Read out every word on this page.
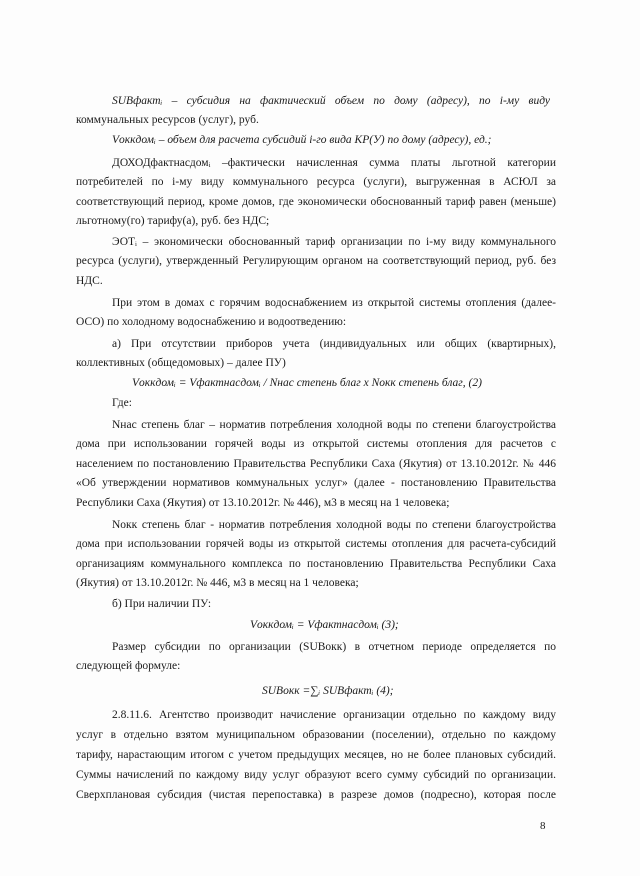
SUBфактᵢ – субсидия на фактический объем по дому (адресу), по i-му виду
коммунальных ресурсов (услуг), руб.
Vоккдомᵢ – объем для расчета субсидий i-го вида КР(У) по дому (адресу), ед.;
ДОХОДфактнасдомᵢ –фактически начисленная сумма платы льготной категории
потребителей по i-му виду коммунального ресурса (услуги), выгруженная в АСЮЛ за
соответствующий период, кроме домов, где экономически обоснованный тариф равен (меньше)
льготному(го) тарифу(а), руб. без НДС;
ЭОТᵢ – экономически обоснованный тариф организации по i-му виду коммунального
ресурса (услуги), утвержденный Регулирующим органом на соответствующий период, руб. без
НДС.
При этом в домах с горячим водоснабжением из открытой системы отопления (далее-
ОСО) по холодному водоснабжению и водоотведению:
а) При отсутствии приборов учета (индивидуальных или общих (квартирных),
коллективных (общедомовых) – далее ПУ)
Vоккдомᵢ = Vфактнасдомᵢ / Nнас степень благ x Nокк степень благ, (2)
Где:
Nнас степень благ – норматив потребления холодной воды по степени благоустройства
дома при использовании горячей воды из открытой системы отопления для расчетов с
населением по постановлению Правительства Республики Саха (Якутия) от 13.10.2012г. № 446
«Об утверждении нормативов коммунальных услуг» (далее - постановлению Правительства
Республики Саха (Якутия) от 13.10.2012г. № 446), м3 в месяц на 1 человека;
Nокк степень благ - норматив потребления холодной воды по степени благоустройства
дома при использовании горячей воды из открытой системы отопления для расчета-субсидий
организациям коммунального комплекса по постановлению Правительства Республики Саха
(Якутия) от 13.10.2012г. № 446, м3 в месяц на 1 человека;
б) При наличии ПУ:
Vоккдомᵢ = Vфактнасдомᵢ (3);
Размер субсидии по организации (SUBокк) в отчетном периоде определяется по
следующей формуле:
SUBокк =∑ᵢ SUBфактᵢ (4);
2.8.11.6. Агентство производит начисление организации отдельно по каждому виду
услуг в отдельно взятом муниципальном образовании (поселении), отдельно по каждому
тарифу, нарастающим итогом с учетом предыдущих месяцев, но не более плановых субсидий.
Суммы начислений по каждому виду услуг образуют всего сумму субсидий по организации.
Сверхплановая субсидия (чистая перепоставка) в разрезе домов (подресно), которая после
8
